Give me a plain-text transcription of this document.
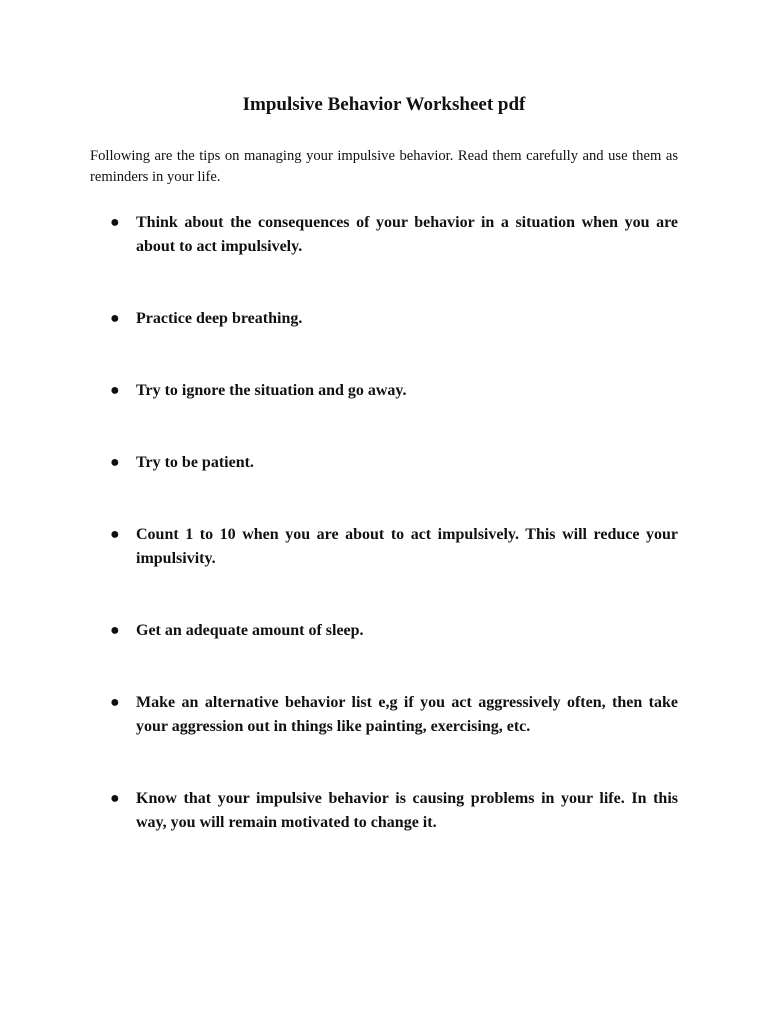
Impulsive Behavior Worksheet pdf
Following are the tips on managing your impulsive behavior. Read them carefully and use them as reminders in your life.
● Think about the consequences of your behavior in a situation when you are about to act impulsively.
● Practice deep breathing.
● Try to ignore the situation and go away.
● Try to be patient.
● Count 1 to 10 when you are about to act impulsively. This will reduce your impulsivity.
● Get an adequate amount of sleep.
● Make an alternative behavior list e,g if you act aggressively often, then take your aggression out in things like painting, exercising, etc.
● Know that your impulsive behavior is causing problems in your life. In this way, you will remain motivated to change it.
